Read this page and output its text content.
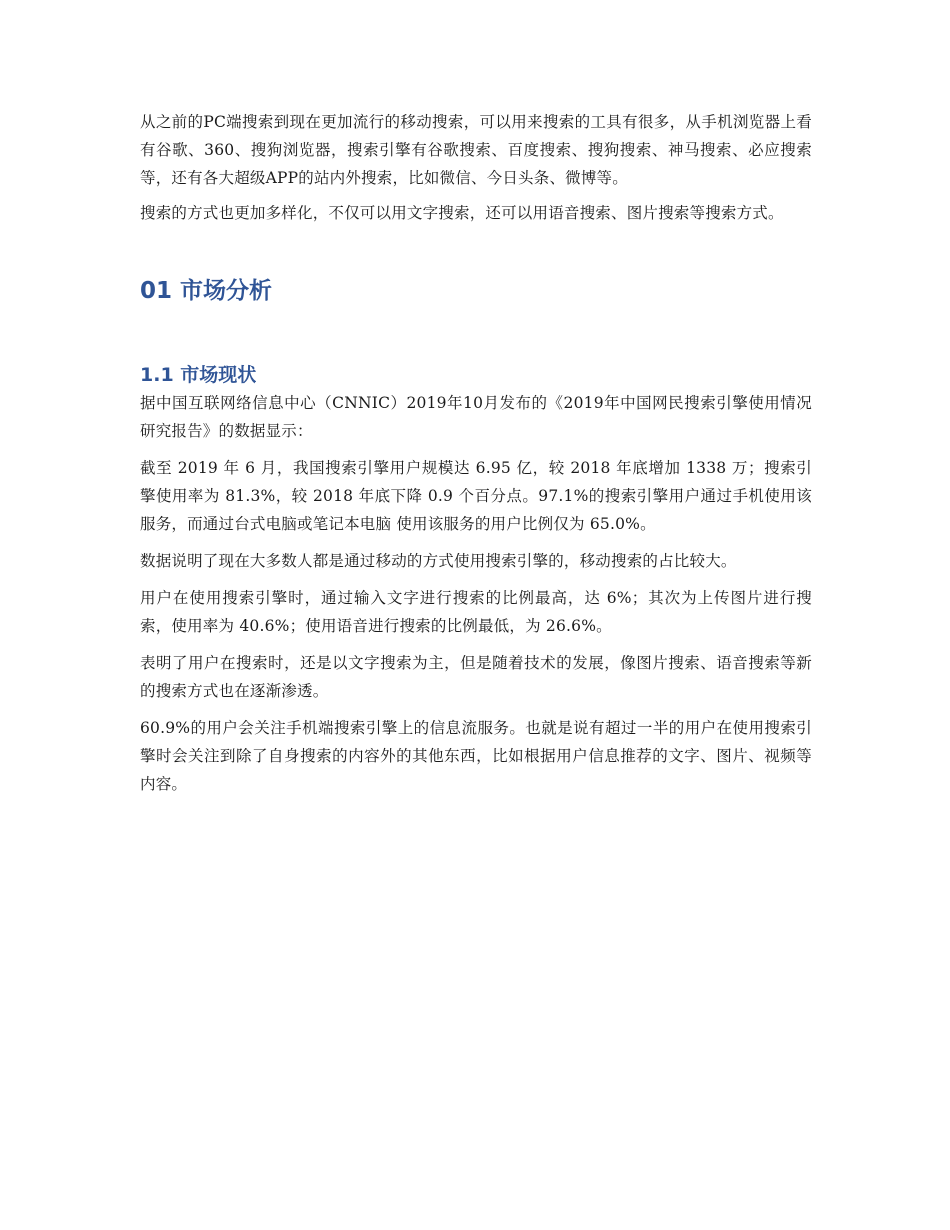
从之前的PC端搜索到现在更加流行的移动搜索，可以用来搜索的工具有很多，从手机浏览器上看有谷歌、360、搜狗浏览器，搜索引擎有谷歌搜索、百度搜索、搜狗搜索、神马搜索、必应搜索等，还有各大超级APP的站内外搜索，比如微信、今日头条、微博等。

搜索的方式也更加多样化，不仅可以用文字搜索，还可以用语音搜索、图片搜索等搜索方式。

01 市场分析
1.1 市场现状

据中国互联网络信息中心（CNNIC）2019年10月发布的《2019年中国网民搜索引擎使用情况研究报告》的数据显示：

截至 2019 年 6 月，我国搜索引擎用户规模达 6.95 亿，较 2018 年底增加 1338 万；搜索引擎使用率为 81.3%，较 2018 年底下降 0.9 个百分点。97.1%的搜索引擎用户通过手机使用该服务，而通过台式电脑或笔记本电脑 使用该服务的用户比例仅为 65.0%。

数据说明了现在大多数人都是通过移动的方式使用搜索引擎的，移动搜索的占比较大。

用户在使用搜索引擎时，通过输入文字进行搜索的比例最高，达 6%；其次为上传图片进行搜索，使用率为 40.6%；使用语音进行搜索的比例最低，为 26.6%。

表明了用户在搜索时，还是以文字搜索为主，但是随着技术的发展，像图片搜索、语音搜索等新的搜索方式也在逐渐渗透。

60.9%的用户会关注手机端搜索引擎上的信息流服务。也就是说有超过一半的用户在使用搜索引擎时会关注到除了自身搜索的内容外的其他东西，比如根据用户信息推荐的文字、图片、视频等内容。
